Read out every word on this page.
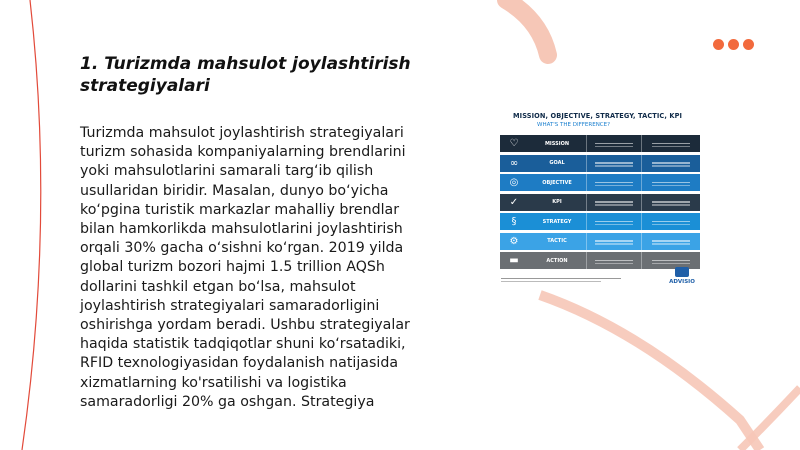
1. Turizmda mahsulot joylashtirish strategiyalari

Turizmda mahsulot joylashtirish strategiyalari turizm sohasida kompaniyalarning brendlarini yoki mahsulotlarini samarali targ‘ib qilish usullaridan biridir. Masalan, dunyo bo‘yicha ko‘pgina turistik markazlar mahalliy brendlar bilan hamkorlikda mahsulotlarini joylashtirish orqali 30% gacha o‘sishni ko‘rgan. 2019 yilda global turizm bozori hajmi 1.5 trillion AQSh dollarini tashkil etgan bo‘lsa, mahsulot joylashtirish strategiyalari samaradorligini oshirishga yordam beradi. Ushbu strategiyalar haqida statistik tadqiqotlar shuni ko‘rsatadiki, RFID texnologiyasidan foydalanish natijasida xizmatlarning ko'rsatilishi va logistika samaradorligi 20% ga oshgan. Strategiya

MISSION, OBJECTIVE, STRATEGY, TACTIC, KPI
WHAT'S THE DIFFERENCE?
♡	MISSION
∞	GOAL
◎	OBJECTIVE
✓	KPI
§	STRATEGY
⚙	TACTIC
▬	ACTION
ADVISIO
